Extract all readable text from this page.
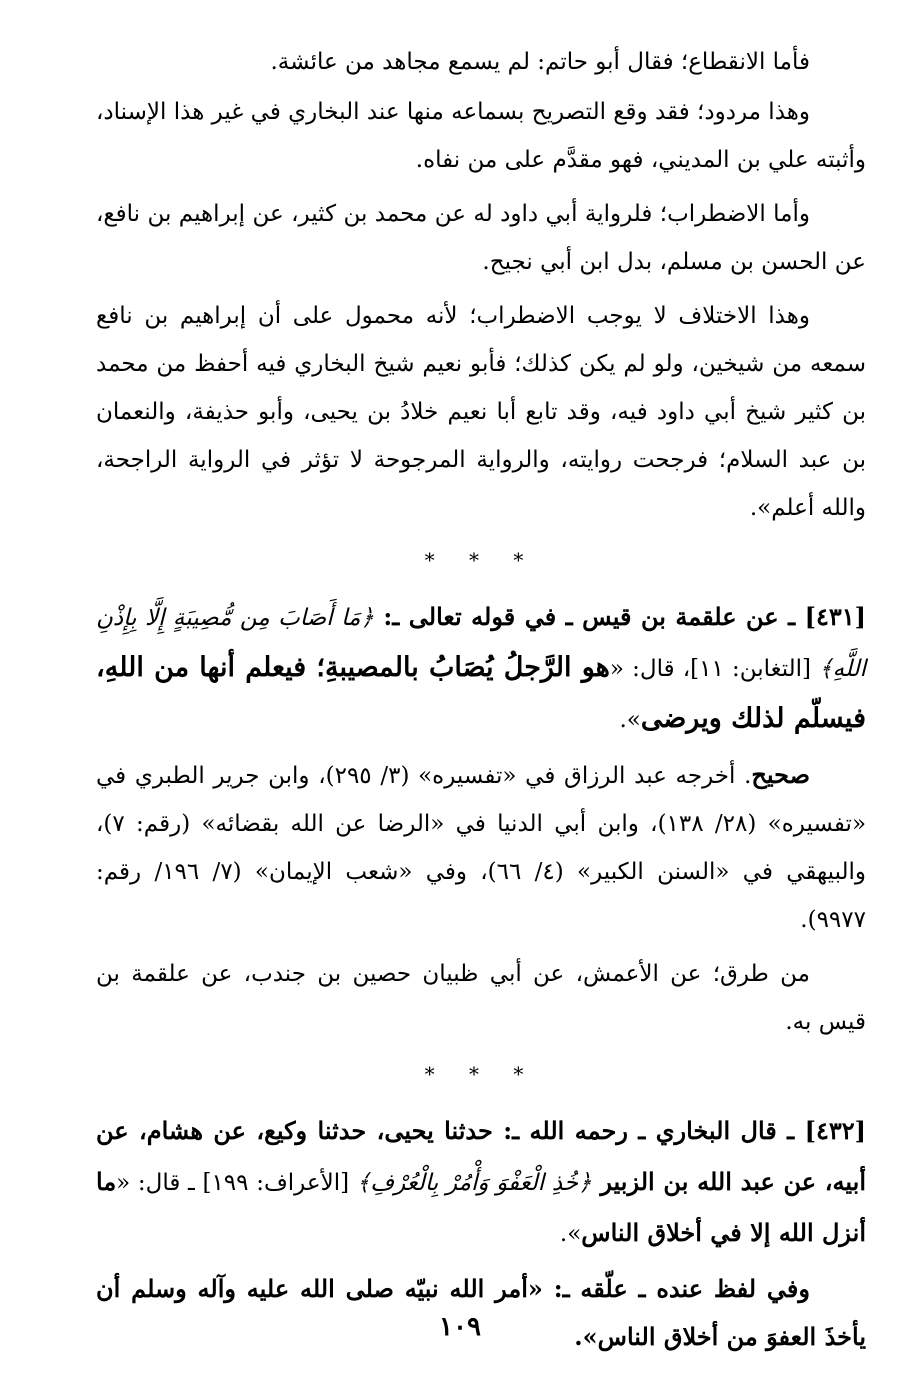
فأما الانقطاع؛ فقال أبو حاتم: لم يسمع مجاهد من عائشة.

وهذا مردود؛ فقد وقع التصريح بسماعه منها عند البخاري في غير هذا الإسناد، وأثبته علي بن المديني، فهو مقدَّم على من نفاه.

وأما الاضطراب؛ فلرواية أبي داود له عن محمد بن كثير، عن إبراهيم بن نافع، عن الحسن بن مسلم، بدل ابن أبي نجيح.

وهذا الاختلاف لا يوجب الاضطراب؛ لأنه محمول على أن إبراهيم بن نافع سمعه من شيخين، ولو لم يكن كذلك؛ فأبو نعيم شيخ البخاري فيه أحفظ من محمد بن كثير شيخ أبي داود فيه، وقد تابع أبا نعيم خلادُ بن يحيى، وأبو حذيفة، والنعمان بن عبد السلام؛ فرجحت روايته، والرواية المرجوحة لا تؤثر في الرواية الراجحة، والله أعلم».

* * *

[٤٣١] ـ عن علقمة بن قيس ـ في قوله تعالى ـ: ﴿مَا أَصَابَ مِن مُّصِيبَةٍ إِلَّا بِإِذْنِ اللَّهِ﴾ [التغابن: ١١]، قال: «هو الرَّجلُ يُصَابُ بالمصيبةِ؛ فيعلم أنها من اللهِ، فيسلّم لذلك ويرضى».

صحيح. أخرجه عبد الرزاق في «تفسيره» (٣/ ٢٩٥)، وابن جرير الطبري في «تفسيره» (٢٨/ ١٣٨)، وابن أبي الدنيا في «الرضا عن الله بقضائه» (رقم: ٧)، والبيهقي في «السنن الكبير» (٤/ ٦٦)، وفي «شعب الإيمان» (٧/ ١٩٦/ رقم: ٩٩٧٧).

من طرق؛ عن الأعمش، عن أبي ظبيان حصين بن جندب، عن علقمة بن قيس به.

* * *

[٤٣٢] ـ قال البخاري ـ رحمه الله ـ: حدثنا يحيى، حدثنا وكيع، عن هشام، عن أبيه، عن عبد الله بن الزبير ﴿خُذِ الْعَفْوَ وَأْمُرْ بِالْعُرْفِ﴾ [الأعراف: ١٩٩] ـ قال: «ما أنزل الله إلا في أخلاق الناس».

وفي لفظ عنده ـ علّقه ـ: «أمر الله نبيّه صلى الله عليه وآله وسلم أن يأخذَ العفوَ من أخلاق الناس».

١٠٩
